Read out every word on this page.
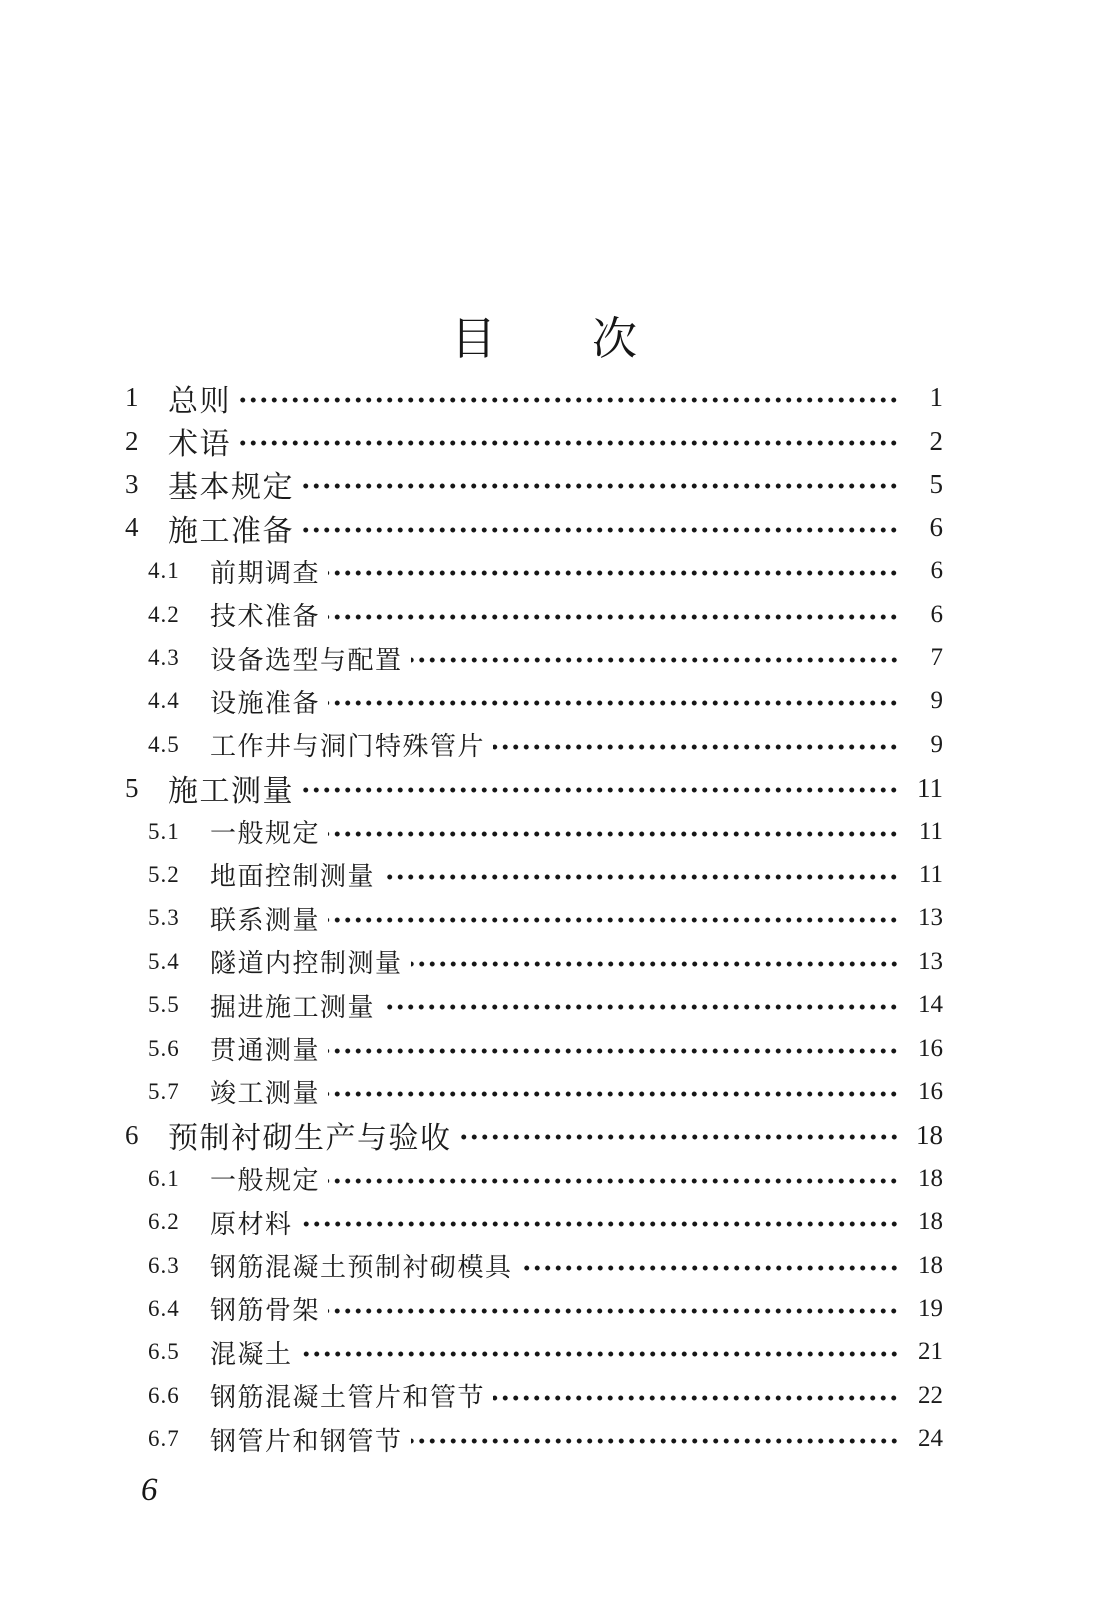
目　　次
1 总则	1
2 术语	2
3 基本规定	5
4 施工准备	6
4.1	前期调查	6
4.2	技术准备	6
4.3	设备选型与配置	7
4.4	设施准备	9
4.5	工作井与洞门特殊管片	9
5 施工测量	11
5.1	一般规定	11
5.2	地面控制测量	11
5.3	联系测量	13
5.4	隧道内控制测量	13
5.5	掘进施工测量	14
5.6	贯通测量	16
5.7	竣工测量	16
6 预制衬砌生产与验收	18
6.1	一般规定	18
6.2	原材料	18
6.3	钢筋混凝土预制衬砌模具	18
6.4	钢筋骨架	19
6.5	混凝土	21
6.6	钢筋混凝土管片和管节	22
6.7	钢管片和钢管节	24
6
